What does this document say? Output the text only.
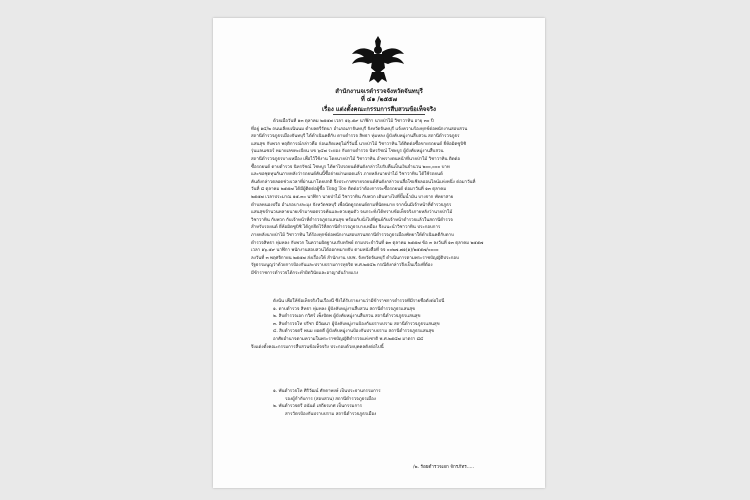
สำนักงานจเรตำรวจจังหวัดจันทบุรี
ที่ ๔๑ /๒๕๕๗
เรื่อง แต่งตั้งคณะกรรมการสืบสวนข้อเท็จจริง
ด้วยเมื่อวันที่ ๑๓ ตุลาคม ๒๕๕๗ เวลา ๑๖.๕๙ นาฬิกา นายป่าไม้ วิชาวาทิน อายุ ๓๐ ปี
ที่อยู่ ๑๔/๒ ถนนเลียบเนินนม ตำบลตรีรัตนา อำเภอเภาจันทบุรี จังหวัดจันทบุรี แจ้งความร้องทุกข์ต่อพนักงานสอบสวน
สถานีตำรวจภูธรเมืองจันทบุรี ได้ดำเนินคดีกับ ดาบตำรวจ สิทธา ทุ่มหลง ผู้บังคับหมู่งานสืบสวน สถานีตำรวจภูธร
แสนสุข กับพวก พฤติการณ์กล่าวคือ ก่อนเกิดเหตุไม่กี่วันนี้ นายป่าไม้ วิชาวาทิน ได้ติดต่อซื้อขายรถยนต์ ยี่ห้อมิตซูบิชิ
รุ่นแลนเซอร์ หมายเลขทะเบียน บข ๖๔๗ ระยอง กับดาบตำรวจ นิทรรัชณ์ โชษบูร ผู้บังคับหมู่งานสืบสวน
สถานีตำรวจภูธรบางเหมือง เพื่อไว้ใช้งาน โดยนายป่าไม้ วิชาวาทิน อำพรางตนหน้าที่นายป่าไม้ วิชาวาทิน ติดต่อ
ซื้อรถยนต์ ดาบตำรวจ นิทรรัชณ์ โชษบูร ได้พาไปรถยนต์คันดังกล่าวไปรับคืนเป็นเงินจำนวน ๒๐๐,๐๐๐ บาท
และขอชุดทุนกันภายหลังว่ารถยนต์คันนี้ซื้อจ่ายผ่านยอดแล้ว ภายหลังนายป่าไม้ วิชาวาทิน ได้ใช้รถยนต์
คันดังกล่าวตลอดช่วงเวลาที่ผ่านมาโดยปกติ จึงประกาศขายรถยนต์คันดังกล่าวบนสื่อโซเชียลออนไลน์แห่งหนึ่ง ต่อมาวันที่
วันที่ ๘ ตุลาคม ๒๕๕๗ ได้มีผู้ติดต่อผู้ซื้อ Tong Too ติดต่อว่าต้องการจะซื้อรถยนต์ ต่อมาวันที่ ๑๓ ตุลาคม
๒๕๕๗ เวลาประมาณ ๑๕.๓๐ นาฬิกา นายป่าไม้ วิชาวาทิน กับพวก เดินทางไปที่ปั๊มน้ำมัน บางจาก พัทยาสาย
ตำบลหนองปรือ อำเภอบางละมุง จังหวัดชลบุรี เพื่อนัดดูรถยนต์ตามที่นัดหมาย จากนั้นมีเจ้าหน้าที่ตำรวจภูธร
แสนสุขจำนวนหลายนายเข้ามาขอตรวจค้นและควบคุมตัว จนกระทั่งได้ทราบข้อเท็จจริงภายหลังว่านายป่าไม้
วิชาวาทิน กับพวก กับเจ้าหน้าที่ตำรวจภูธรแสนสุข พร้อมกับนั่งไปที่ศูนย์กับเจ้าหน้าตำรวจแล้วในสถานีตำรวจ
สำหรับรถยนต์ ยี่ห้อมิตซูบิชิ ได้ถูกยึดไว้ที่สถานีตำรวจภูธรบางเหมือง จึงแนะนำวิชาวาทิน ประกอบการ
ภายหลังนายป่าไม้ วิชาวาทิน ได้ร้องทุกข์ต่อพนักงานสอบสวนสถานีตำรวจภูธรเมืองพัทยาให้ดำเนินคดีกับดาบ
ตำรวจสิทธา ทุ่มหลง กับพวก ในความผิดฐานปรับทรัพย์ ตามประจำวันที่ ๑๓ ตุลาคม ๒๕๕๗ ข้อ ๓ ลงวันที่ ๑๓ ตุลาคม ๒๕๕๗
เวลา ๑๖.๕๙ นาฬิกา พนักงานสอบสวนได้ออกหมายจับ ตามหนังสือที่ จจ ๐๐๒๗.๗๑(๑)/๒๕๕๗/๐๐๐๐
ลงวันที่ ๓ พฤศจิกายน ๒๕๕๗ ส่งเรื่องให้ สำนักงาน ปปช. จังหวัดจันทบุรี ดำเนินการตามพระราชบัญญัติประกอบ
รัฐธรรมนูญว่าด้วยการป้องกันและปราบปรามการทุจริต พ.ศ.๒๕๔๒ กรณีดังกล่าวจึงเป็นเรื่องที่ต้อง
มีข้าราชการตำรวจได้กระทำผิดวินัยและอาญาอันร้ายแรง
ดังนั้น เพื่อให้ข้อเท็จจริงในเรื่องนี้ ซึ่งได้รับรายงานว่ามีข้าราชการตำรวจที่มีรายชื่อดังต่อไปนี้
๑. ดาบตำรวจ สิทธา ทุ่มหลง ผู้บังคับหมู่งานสืบสวน สถานีตำรวจภูธรแสนสุข
๒. สิบตำรวจเอก กวิศร์ เพ็งปัตพ ผู้บังคับหมู่งานสืบสวน สถานีตำรวจภูธรแสนสุข
๓. สิบตำรวจโท ปรีชา มีวัฒนา ผู้บังคับหมู่งานป้องกันปราบปราม สถานีตำรวจภูธรแสนสุข
๔. สิบตำรวจตรี พนม ยอดดี ผู้บังคับหมู่งานป้องกันปราบปราม สถานีตำรวจภูธรแสนสุข
อาศัยอำนาจตามความในพระราชบัญญัติตำรวจแห่งชาติ พ.ศ.๒๕๔๗ มาตรา ๘๔
จึงแต่งตั้งคณะกรรมการสืบสวนข้อเท็จจริง ประกอบด้วยบุคคลดังต่อไปนี้
๑. พันตำรวจโท ศิริวัฒน์ ศักดาพงษ์ เป็นประธานกรรมการ
รองผู้กำกับการ (สอบสวน) สถานีตำรวจภูธรเมือง
๒. พันตำรวจตรี อนันต์ เสถียรเกศ เป็นกรรมการ
สารวัตรป้องกันปราบปราม สถานีตำรวจภูธรเมือง
/๒. ร้อยตำรวจเอก จักรภัทร.....
